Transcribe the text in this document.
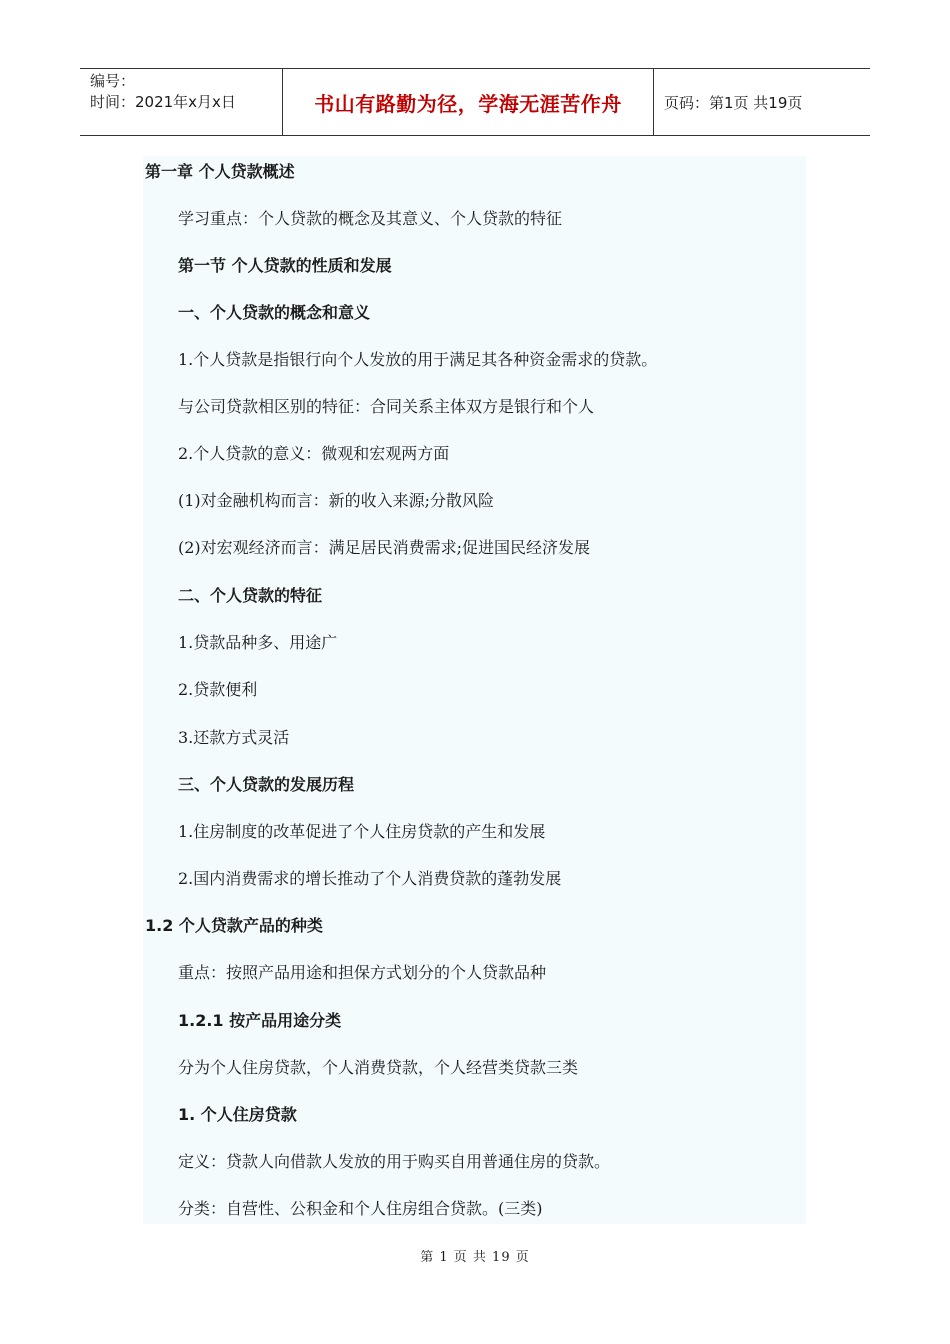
编号：
时间：2021年x月x日	书山有路勤为径，学海无涯苦作舟	页码：第1页 共19页
第一章 个人贷款概述
学习重点：个人贷款的概念及其意义、个人贷款的特征
第一节 个人贷款的性质和发展
一、个人贷款的概念和意义
1.个人贷款是指银行向个人发放的用于满足其各种资金需求的贷款。
与公司贷款相区别的特征：合同关系主体双方是银行和个人
2.个人贷款的意义：微观和宏观两方面
(1)对金融机构而言：新的收入来源;分散风险
(2)对宏观经济而言：满足居民消费需求;促进国民经济发展
二、个人贷款的特征
1.贷款品种多、用途广
2.贷款便利
3.还款方式灵活
三、个人贷款的发展历程
1.住房制度的改革促进了个人住房贷款的产生和发展
2.国内消费需求的增长推动了个人消费贷款的蓬勃发展
1.2 个人贷款产品的种类
重点：按照产品用途和担保方式划分的个人贷款品种
1.2.1 按产品用途分类
分为个人住房贷款，个人消费贷款，个人经营类贷款三类
1. 个人住房贷款
定义：贷款人向借款人发放的用于购买自用普通住房的贷款。
分类：自营性、公积金和个人住房组合贷款。(三类)
第 1 页 共 19 页
